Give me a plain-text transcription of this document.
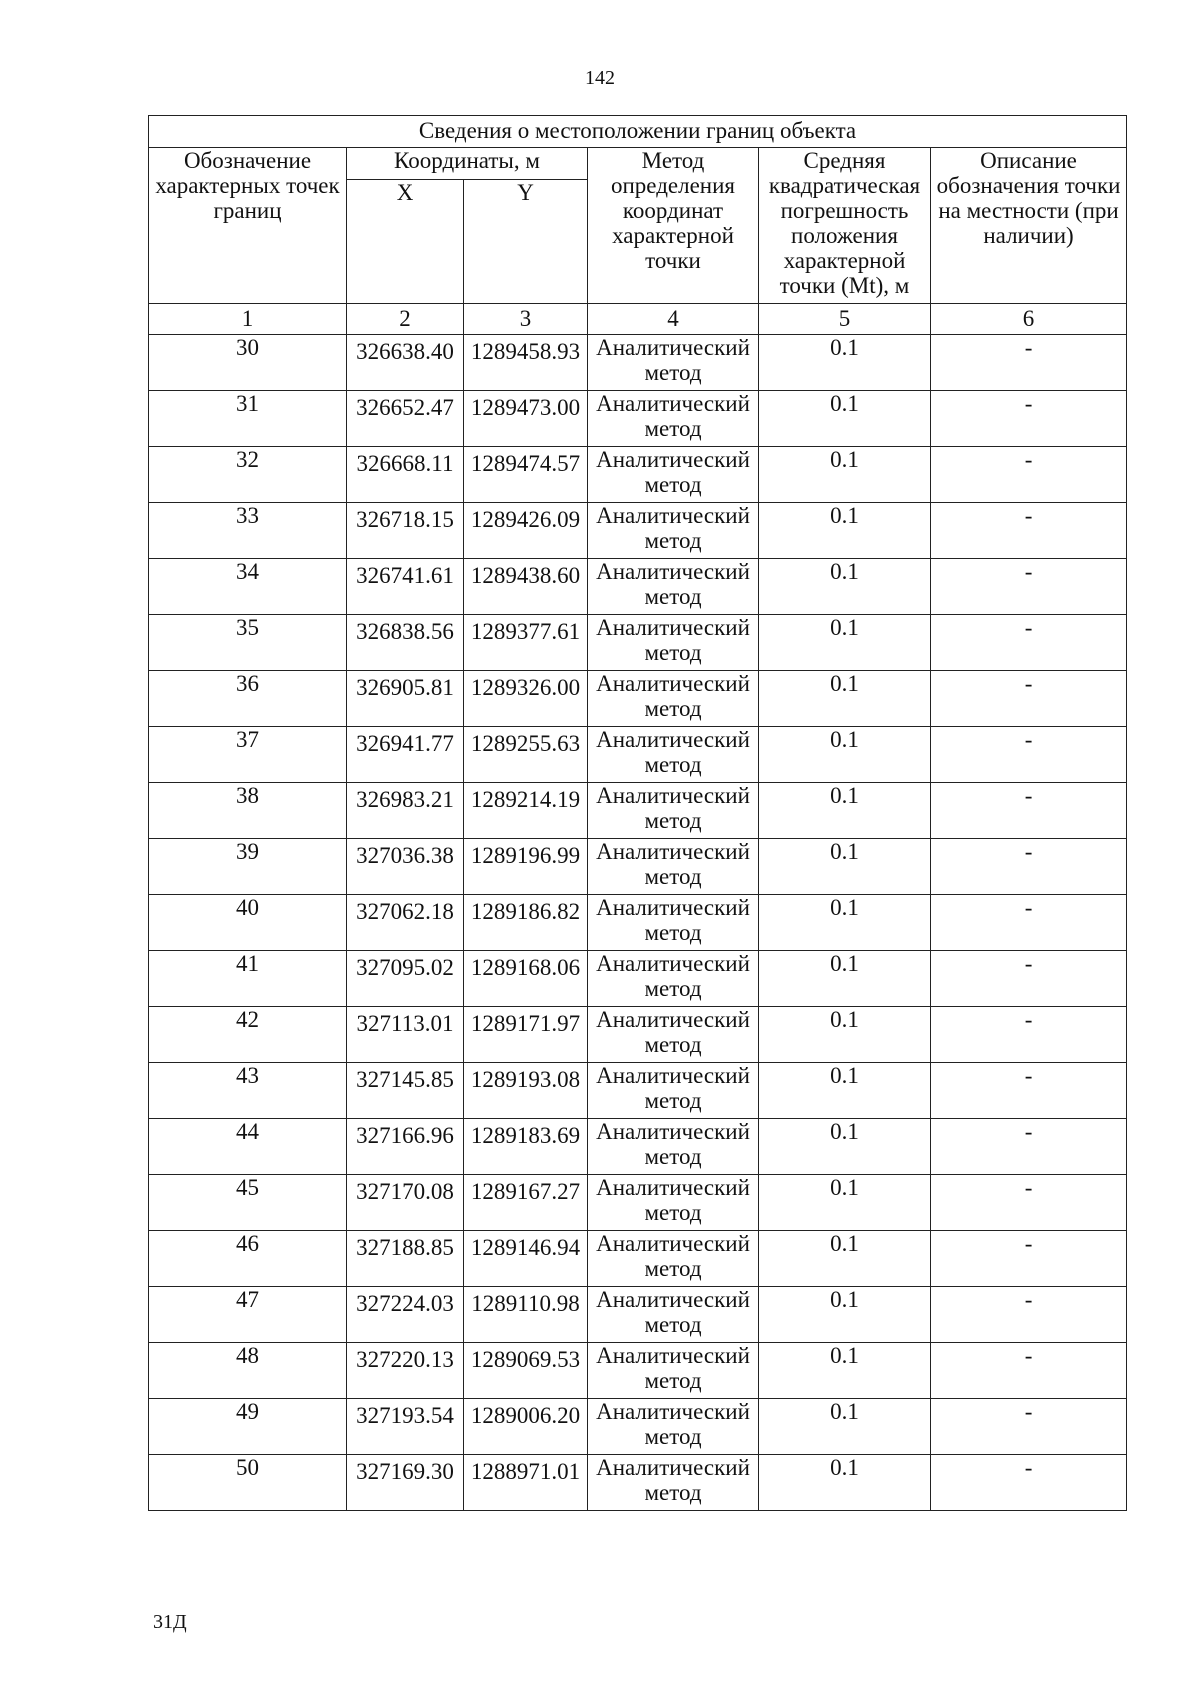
142
Сведения о местоположении границ объекта					
Обозначение характерных точек границ	Координаты, м		Метод определения координат характерной точки	Средняя квадратическая погрешность положения характерной точки (Mt), м	Описание обозначения точки на местности (при наличии)
	X	Y			
1	2	3	4	5	6
30	326638.40	1289458.93	Аналитический метод	0.1	-
31	326652.47	1289473.00	Аналитический метод	0.1	-
32	326668.11	1289474.57	Аналитический метод	0.1	-
33	326718.15	1289426.09	Аналитический метод	0.1	-
34	326741.61	1289438.60	Аналитический метод	0.1	-
35	326838.56	1289377.61	Аналитический метод	0.1	-
36	326905.81	1289326.00	Аналитический метод	0.1	-
37	326941.77	1289255.63	Аналитический метод	0.1	-
38	326983.21	1289214.19	Аналитический метод	0.1	-
39	327036.38	1289196.99	Аналитический метод	0.1	-
40	327062.18	1289186.82	Аналитический метод	0.1	-
41	327095.02	1289168.06	Аналитический метод	0.1	-
42	327113.01	1289171.97	Аналитический метод	0.1	-
43	327145.85	1289193.08	Аналитический метод	0.1	-
44	327166.96	1289183.69	Аналитический метод	0.1	-
45	327170.08	1289167.27	Аналитический метод	0.1	-
46	327188.85	1289146.94	Аналитический метод	0.1	-
47	327224.03	1289110.98	Аналитический метод	0.1	-
48	327220.13	1289069.53	Аналитический метод	0.1	-
49	327193.54	1289006.20	Аналитический метод	0.1	-
50	327169.30	1288971.01	Аналитический метод	0.1	-
31Д
